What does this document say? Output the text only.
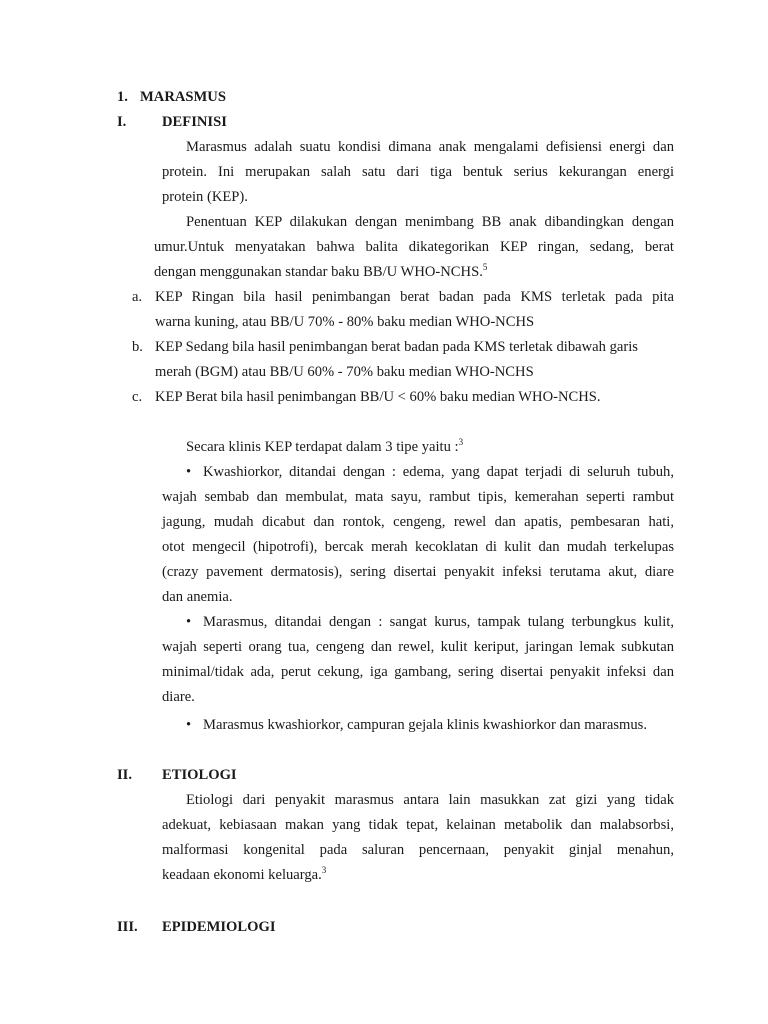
1. MARASMUS
I. DEFINISI
Marasmus adalah suatu kondisi dimana anak mengalami defisiensi energi dan
protein. Ini merupakan salah satu dari tiga bentuk serius kekurangan energi
protein (KEP).
Penentuan KEP dilakukan dengan menimbang BB anak dibandingkan dengan
umur.Untuk menyatakan bahwa balita dikategorikan KEP ringan, sedang, berat
dengan menggunakan standar baku BB/U WHO-NCHS.$^5$
a. KEP Ringan bila hasil penimbangan berat badan pada KMS terletak pada pita
warna kuning, atau BB/U 70% - 80% baku median WHO-NCHS
b. KEP Sedang bila hasil penimbangan berat badan pada KMS terletak dibawah garis
merah (BGM) atau BB/U 60% - 70% baku median WHO-NCHS
c. KEP Berat bila hasil penimbangan BB/U < 60% baku median WHO-NCHS.
Secara klinis KEP terdapat dalam 3 tipe yaitu :$^3$
• Kwashiorkor, ditandai dengan : edema, yang dapat terjadi di seluruh tubuh,
wajah sembab dan membulat, mata sayu, rambut tipis, kemerahan seperti rambut
jagung, mudah dicabut dan rontok, cengeng, rewel dan apatis, pembesaran hati,
otot mengecil (hipotrofi), bercak merah kecoklatan di kulit dan mudah terkelupas
(crazy pavement dermatosis), sering disertai penyakit infeksi terutama akut, diare
dan anemia.
• Marasmus, ditandai dengan : sangat kurus, tampak tulang terbungkus kulit,
wajah seperti orang tua, cengeng dan rewel, kulit keriput, jaringan lemak subkutan
minimal/tidak ada, perut cekung, iga gambang, sering disertai penyakit infeksi dan
diare.
• Marasmus kwashiorkor, campuran gejala klinis kwashiorkor dan marasmus.
II. ETIOLOGI
Etiologi dari penyakit marasmus antara lain masukkan zat gizi yang tidak
adekuat, kebiasaan makan yang tidak tepat, kelainan metabolik dan malabsorbsi,
malformasi kongenital pada saluran pencernaan, penyakit ginjal menahun,
keadaan ekonomi keluarga.$^3$
III. EPIDEMIOLOGI
